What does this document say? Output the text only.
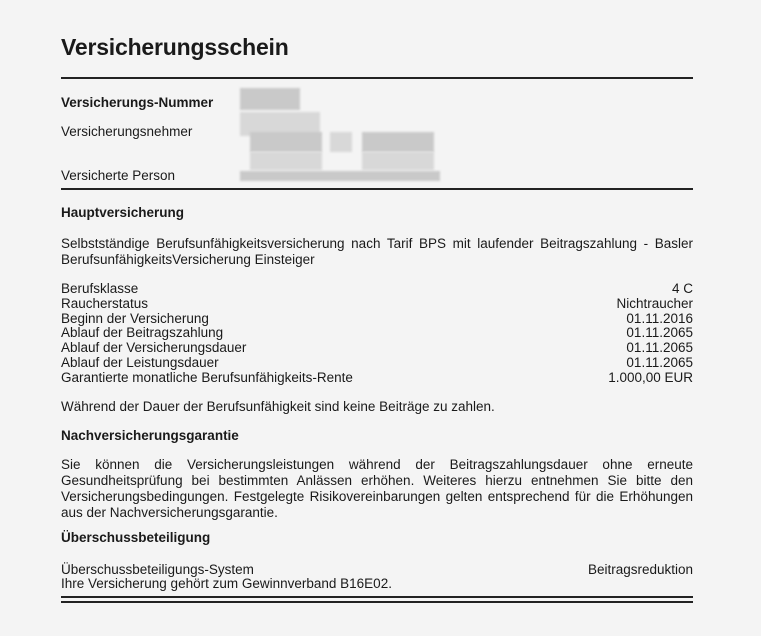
Versicherungsschein
Versicherungs-Nummer
Versicherungsnehmer
Versicherte Person
Hauptversicherung
Selbstständige Berufsunfähigkeitsversicherung nach Tarif BPS mit laufender Beitragszahlung - Basler BerufsunfähigkeitsVersicherung Einsteiger
Berufsklasse	4 C
Raucherstatus	Nichtraucher
Beginn der Versicherung	01.11.2016
Ablauf der Beitragszahlung	01.11.2065
Ablauf der Versicherungsdauer	01.11.2065
Ablauf der Leistungsdauer	01.11.2065
Garantierte monatliche Berufsunfähigkeits-Rente	1.000,00 EUR
Während der Dauer der Berufsunfähigkeit sind keine Beiträge zu zahlen.
Nachversicherungsgarantie
Sie können die Versicherungsleistungen während der Beitragszahlungsdauer ohne erneute Gesundheitsprüfung bei bestimmten Anlässen erhöhen. Weiteres hierzu entnehmen Sie bitte den Versicherungsbedingungen. Festgelegte Risikovereinbarungen gelten entsprechend für die Erhöhungen aus der Nachversicherungsgarantie.
Überschussbeteiligung
Überschussbeteiligungs-System	Beitragsreduktion
Ihre Versicherung gehört zum Gewinnverband B16E02.
